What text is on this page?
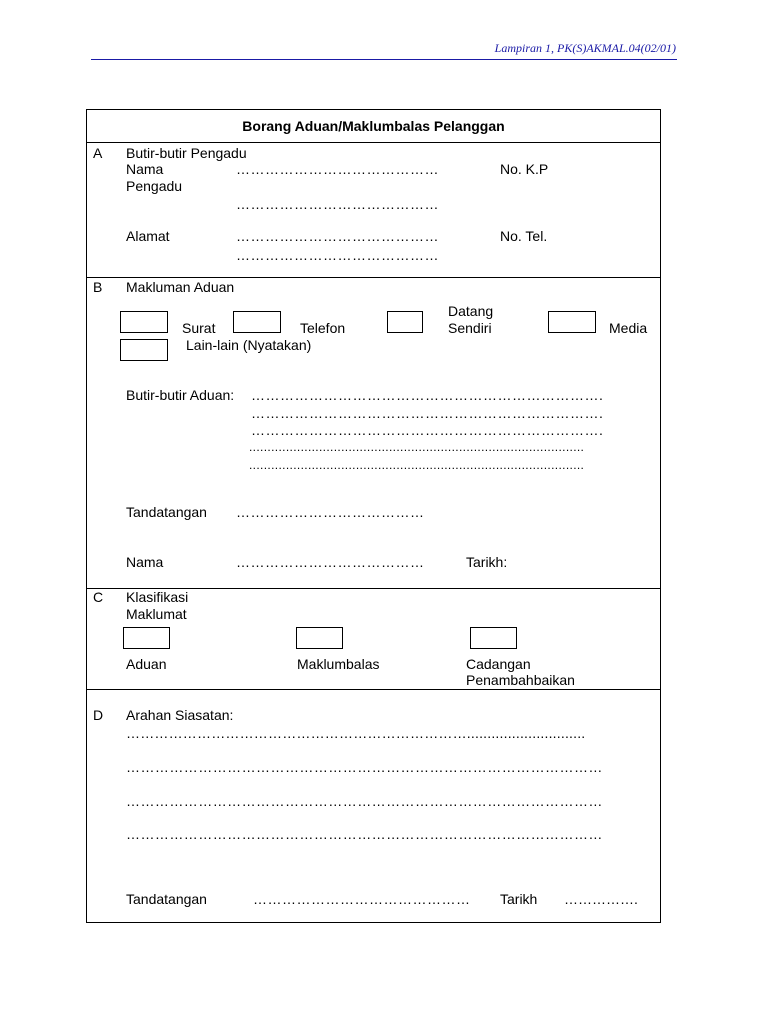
Lampiran 1, PK(S)AKMAL.04(02/01)
Borang Aduan/Maklumbalas Pelanggan
A Butir-butir Pengadu
Nama	……………………………………	No. K.P
Pengadu
……………………………………
Alamat	……………………………………	No. Tel.
……………………………………
B Makluman Aduan
Surat	Telefon
Datang
Sendiri	Media
Lain-lain (Nyatakan)
Butir-butir Aduan: ……………………………………………………………….
……………………………………………………………….
……………………………………………………………….
...........................................................................................
...........................................................................................
Tandatangan …………………………………
Nama	…………………………………	Tarikh:
C Klasifikasi
Maklumat
Aduan	Maklumbalas	Cadangan
Penambahbaikan
D Arahan Siasatan:
……………………………………………………………….............................
………………………………………………………………………………………
………………………………………………………………………………………
………………………………………………………………………………………
Tandatangan	……………………………………… Tarikh …………….
